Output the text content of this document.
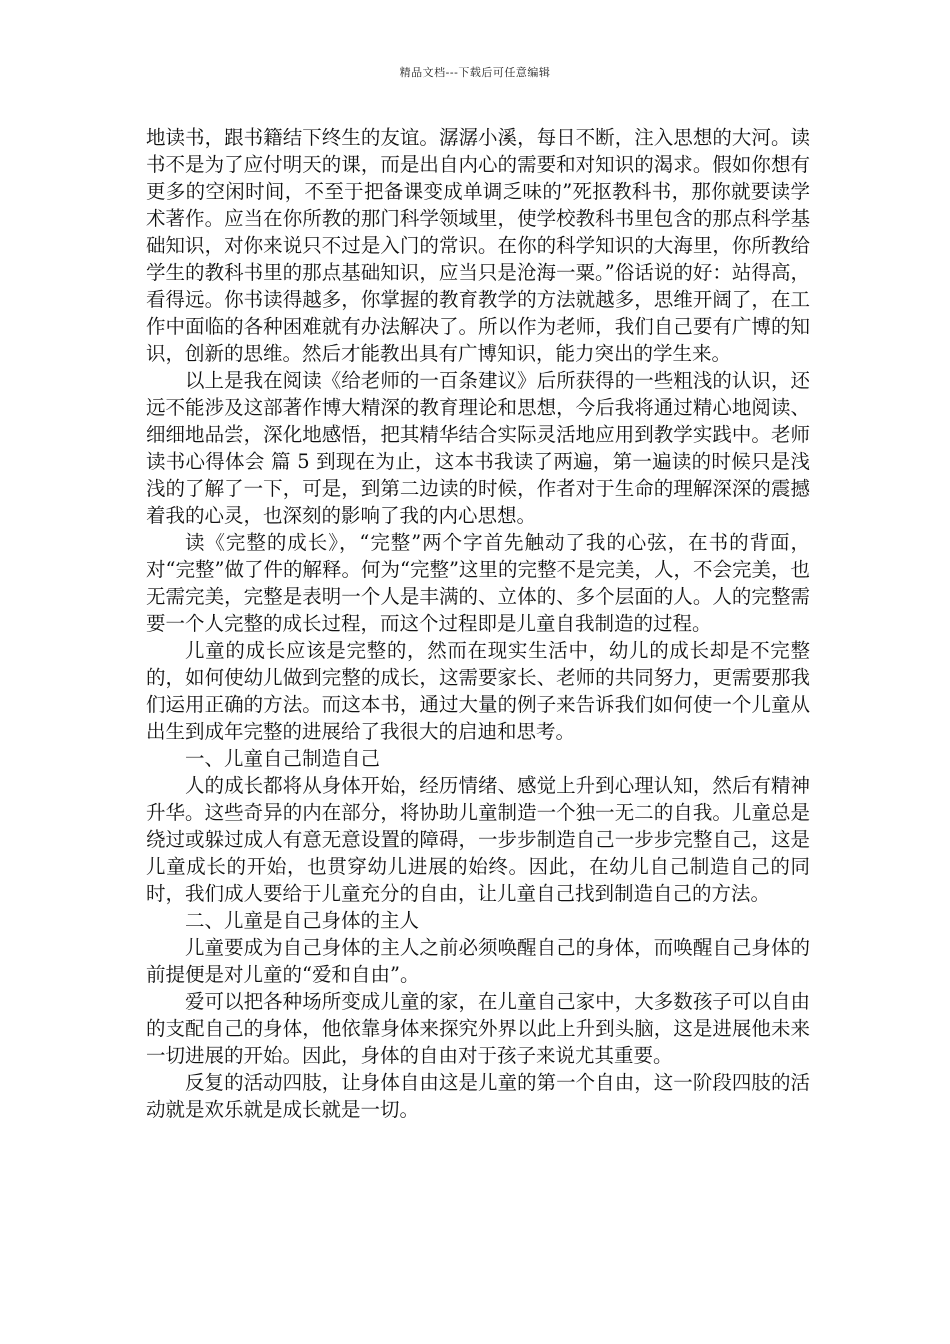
精品文档---下载后可任意编辑

地读书，跟书籍结下终生的友谊。潺潺小溪，每日不断，注入思想的大河。读书不是为了应付明天的课，而是出自内心的需要和对知识的渴求。假如你想有更多的空闲时间，不至于把备课变成单调乏味的”死抠教科书，那你就要读学术著作。应当在你所教的那门科学领域里，使学校教科书里包含的那点科学基础知识，对你来说只不过是入门的常识。在你的科学知识的大海里，你所教给学生的教科书里的那点基础知识，应当只是沧海一粟。”俗话说的好：站得高，看得远。你书读得越多，你掌握的教育教学的方法就越多，思维开阔了，在工作中面临的各种困难就有办法解决了。所以作为老师，我们自己要有广博的知识，创新的思维。然后才能教出具有广博知识，能力突出的学生来。

以上是我在阅读《给老师的一百条建议》后所获得的一些粗浅的认识，还远不能涉及这部著作博大精深的教育理论和思想，今后我将通过精心地阅读、细细地品尝，深化地感悟，把其精华结合实际灵活地应用到教学实践中。老师读书心得体会 篇 5 到现在为止，这本书我读了两遍，第一遍读的时候只是浅浅的了解了一下，可是，到第二边读的时候，作者对于生命的理解深深的震撼着我的心灵，也深刻的影响了我的内心思想。

读《完整的成长》，“完整”两个字首先触动了我的心弦，在书的背面，对“完整”做了件的解释。何为“完整”这里的完整不是完美，人，不会完美，也无需完美，完整是表明一个人是丰满的、立体的、多个层面的人。人的完整需要一个人完整的成长过程，而这个过程即是儿童自我制造的过程。

儿童的成长应该是完整的，然而在现实生活中，幼儿的成长却是不完整的，如何使幼儿做到完整的成长，这需要家长、老师的共同努力，更需要那我们运用正确的方法。而这本书，通过大量的例子来告诉我们如何使一个儿童从出生到成年完整的进展给了我很大的启迪和思考。

一、儿童自己制造自己

人的成长都将从身体开始，经历情绪、感觉上升到心理认知，然后有精神升华。这些奇异的内在部分，将协助儿童制造一个独一无二的自我。儿童总是绕过或躲过成人有意无意设置的障碍，一步步制造自己一步步完整自己，这是儿童成长的开始，也贯穿幼儿进展的始终。因此，在幼儿自己制造自己的同时，我们成人要给于儿童充分的自由，让儿童自己找到制造自己的方法。

二、儿童是自己身体的主人

儿童要成为自己身体的主人之前必须唤醒自己的身体，而唤醒自己身体的前提便是对儿童的“爱和自由”。

爱可以把各种场所变成儿童的家，在儿童自己家中，大多数孩子可以自由的支配自己的身体，他依靠身体来探究外界以此上升到头脑，这是进展他未来一切进展的开始。因此，身体的自由对于孩子来说尤其重要。

反复的活动四肢，让身体自由这是儿童的第一个自由，这一阶段四肢的活动就是欢乐就是成长就是一切。
